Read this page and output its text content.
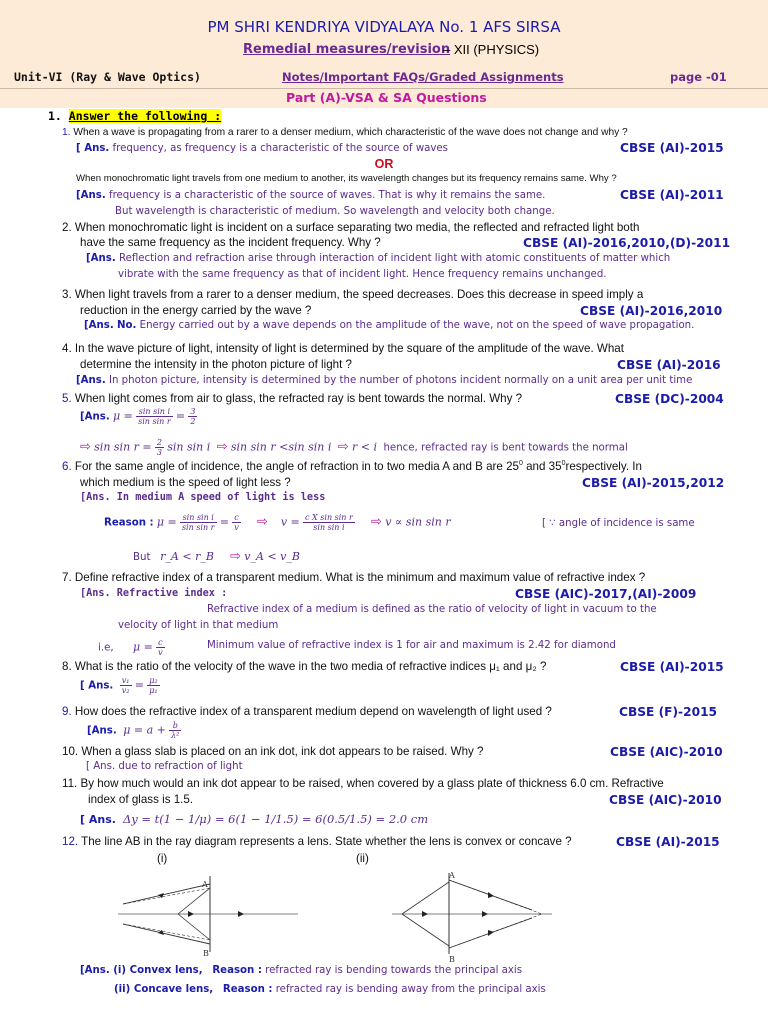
PM SHRI KENDRIYA VIDYALAYA No. 1 AFS SIRSA
Remedial measures/revision
– XII (PHYSICS)
Unit-VI (Ray & Wave Optics)	Notes/Important FAQs/Graded Assignments	page -01
Part (A)-VSA & SA Questions
1. Answer the following :
1. When a wave is propagating from a rarer to a denser medium, which characteristic of the wave does not change and why ?
[ Ans. frequency, as frequency is a characteristic of the source of waves	CBSE (AI)-2015
OR
When monochromatic light travels from one medium to another, its wavelength changes but its frequency remains same. Why ?
[Ans. frequency is a characteristic of the source of waves. That is why it remains the same.
But wavelength is characteristic of medium. So wavelength and velocity both change.
CBSE (AI)-2011
2. When monochromatic light is incident on a surface separating two media, the reflected and refracted light both
have the same frequency as the incident frequency. Why ?	CBSE (AI)-2016,2010,(D)-2011
[Ans. Reflection and refraction arise through interaction of incident light with atomic constituents of matter which
vibrate with the same frequency as that of incident light. Hence frequency remains unchanged.
3. When light travels from a rarer to a denser medium, the speed decreases. Does this decrease in speed imply a
reduction in the energy carried by the wave ?	CBSE (AI)-2016,2010
[Ans. No. Energy carried out by a wave depends on the amplitude of the wave, not on the speed of wave propagation.
4. In the wave picture of light, intensity of light is determined by the square of the amplitude of the wave. What
determine the intensity in the photon picture of light ?	CBSE (AI)-2016
[Ans. In photon picture, intensity is determined by the number of photons incident normally on a unit area per unit time
5. When light comes from air to glass, the refracted ray is bent towards the normal. Why ?	CBSE (DC)-2004
[Ans. $\mu = \frac{\text{sin sin i}}{\text{sin sin r}} = \frac{3}{2}$
⇨ $\sin \sin r = \frac{2}{3}$ sin sin i ⇨ sin sin r <sin sin i ⇨ r < i hence, refracted ray is bent towards the normal
6. For the same angle of incidence, the angle of refraction in to two media A and B are $25^0$ and $35^0respectively$. In
which medium is the speed of light less ?	CBSE (AI)-2015,2012
[Ans. In medium A speed of light is less
Reason : $\mu = \frac{\text{sin sin i}}{\text{sin sin r}} = \frac{c}{v}$ ⇨ $v = \frac{\text{c X sin sin r}}{\text{sin sin i}}$ ⇨ v ∝ sin sin r	[ ∵ angle of incidence is same
But r_A < r_B ⇨ v_A < v_B
7. Define refractive index of a transparent medium. What is the minimum and maximum value of refractive index ?
CBSE (AIC)-2017,(AI)-2009
[Ans. Refractive index :
Refractive index of a medium is defined as the ratio of velocity of light in vacuum to the
velocity of light in that medium
i.e, $\mu = \frac{c}{v}$	Minimum value of refractive index is 1 for air and maximum is 2.42 for diamond
8. What is the ratio of the velocity of the wave in the two media of refractive indices μ₁ and μ₂ ?	CBSE (AI)-2015
[ Ans. $\frac{\text{v₁}}{\text{v₂}} = \frac{\text{μ₂}}{\text{μ₁}}$
9. How does the refractive index of a transparent medium depend on wavelength of light used ?	CBSE (F)-2015
[Ans. $\mu = a + \frac{b}{\text{λ²}}$
10. When a glass slab is placed on an ink dot, ink dot appears to be raised. Why ?	CBSE (AIC)-2010
[ Ans. due to refraction of light
11. By how much would an ink dot appear to be raised, when covered by a glass plate of thickness 6.0 cm. Refractive
index of glass is 1.5.	CBSE (AIC)-2010
[ Ans. Δy = t(1 − 1/μ) = 6(1 − 1/1.5) = 6(0.5/1.5) = 2.0 cm
12. The line AB in the ray diagram represents a lens. State whether the lens is convex or concave ?	CBSE (AI)-2015
(i)	(ii)
A
B
A
B
[Ans. (i) Convex lens, Reason : refracted ray is bending towards the principal axis
(ii) Concave lens, Reason : refracted ray is bending away from the principal axis
